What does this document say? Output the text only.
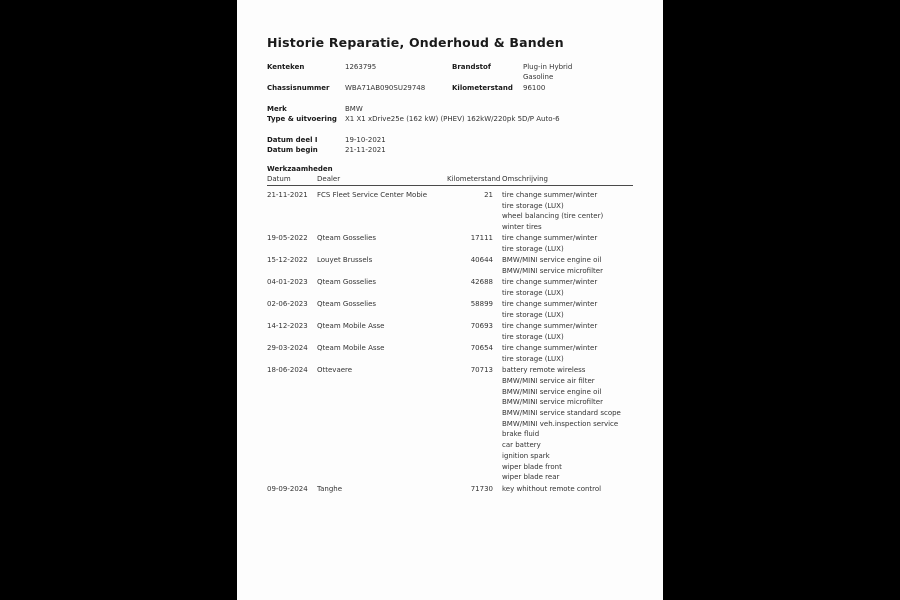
Historie Reparatie, Onderhoud & Banden
Kenteken	1263795	Brandstof	Plug-in Hybrid
Gasoline
Chassisnummer	WBA71AB090SU29748	Kilometerstand	96100
Merk	BMW
Type & uitvoering	X1 X1 xDrive25e (162 kW) (PHEV) 162kW/220pk 5D/P Auto-6
Datum deel I	19-10-2021
Datum begin	21-11-2021
Werkzaamheden
Datum	Dealer	Kilometerstand Omschrijving
21-11-2021	FCS Fleet Service Center Mobie	21 tire change summer/winter
tire storage (LUX)
wheel balancing (tire center)
winter tires
19-05-2022	Qteam Gosselies	17111 tire change summer/winter
tire storage (LUX)
15-12-2022	Louyet Brussels	40644 BMW/MINI service engine oil
BMW/MINI service microfilter
04-01-2023	Qteam Gosselies	42688 tire change summer/winter
tire storage (LUX)
02-06-2023	Qteam Gosselies	58899 tire change summer/winter
tire storage (LUX)
14-12-2023	Qteam Mobile Asse	70693 tire change summer/winter
tire storage (LUX)
29-03-2024	Qteam Mobile Asse	70654 tire change summer/winter
tire storage (LUX)
18-06-2024	Ottevaere	70713 battery remote wireless
BMW/MINI service air filter
BMW/MINI service engine oil
BMW/MINI service microfilter
BMW/MINI service standard scope
BMW/MINI veh.inspection service
brake fluid
car battery
ignition spark
wiper blade front
wiper blade rear
09-09-2024	Tanghe	71730 key whithout remote control
